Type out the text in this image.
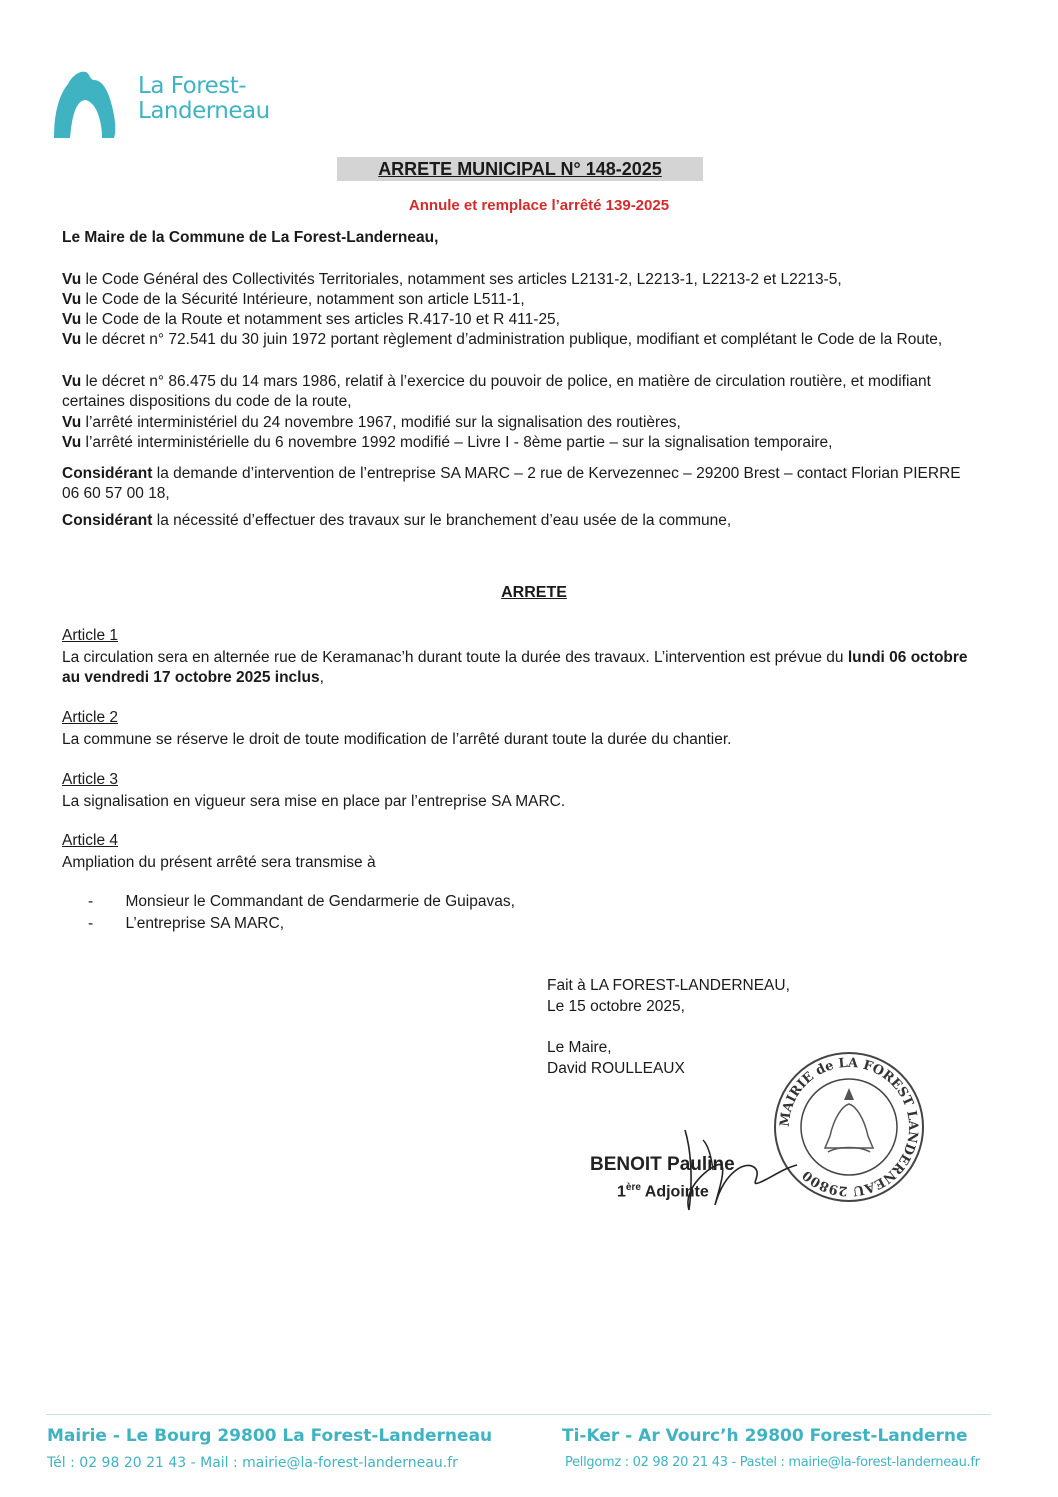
La Forest-
Landerneau
ARRETE MUNICIPAL N° 148-2025
Annule et remplace l’arrêté 139-2025
Le Maire de la Commune de La Forest-Landerneau,
Vu le Code Général des Collectivités Territoriales, notamment ses articles L2131-2, L2213-1, L2213-2 et L2213-5,
Vu le Code de la Sécurité Intérieure, notamment son article L511-1,
Vu le Code de la Route et notamment ses articles R.417-10 et R 411-25,
Vu le décret n° 72.541 du 30 juin 1972 portant règlement d’administration publique, modifiant et complétant le Code de la Route,
Vu le décret n° 86.475 du 14 mars 1986, relatif à l’exercice du pouvoir de police, en matière de circulation routière, et modifiant certaines dispositions du code de la route,
Vu l’arrêté interministériel du 24 novembre 1967, modifié sur la signalisation des routières,
Vu l’arrêté interministérielle du 6 novembre 1992 modifié – Livre I - 8ème partie – sur la signalisation temporaire,
Considérant la demande d’intervention de l’entreprise SA MARC – 2 rue de Kervezennec – 29200 Brest – contact Florian PIERRE 06 60 57 00 18,
Considérant la nécessité d’effectuer des travaux sur le branchement d’eau usée de la commune,
ARRETE
Article 1
La circulation sera en alternée rue de Keramanac’h durant toute la durée des travaux. L’intervention est prévue du lundi 06 octobre au vendredi 17 octobre 2025 inclus,
Article 2
La commune se réserve le droit de toute modification de l’arrêté durant toute la durée du chantier.
Article 3
La signalisation en vigueur sera mise en place par l’entreprise SA MARC.
Article 4
Ampliation du présent arrêté sera transmise à
- Monsieur le Commandant de Gendarmerie de Guipavas,
- L’entreprise SA MARC,
Fait à LA FOREST-LANDERNEAU,
Le 15 octobre 2025,
Le Maire,
David ROULLEAUX
MAIRIE de LA FOREST LANDERNEAU 29800
BENOIT Pauline
1ère Adjointe
Mairie - Le Bourg 29800 La Forest-Landerneau	Ti-Ker - Ar Vourc’h 29800 Forest-Landerne
Tél : 02 98 20 21 43 - Mail : mairie@la-forest-landerneau.fr	Pellgomz : 02 98 20 21 43 - Pastel : mairie@la-forest-landerneau.fr
